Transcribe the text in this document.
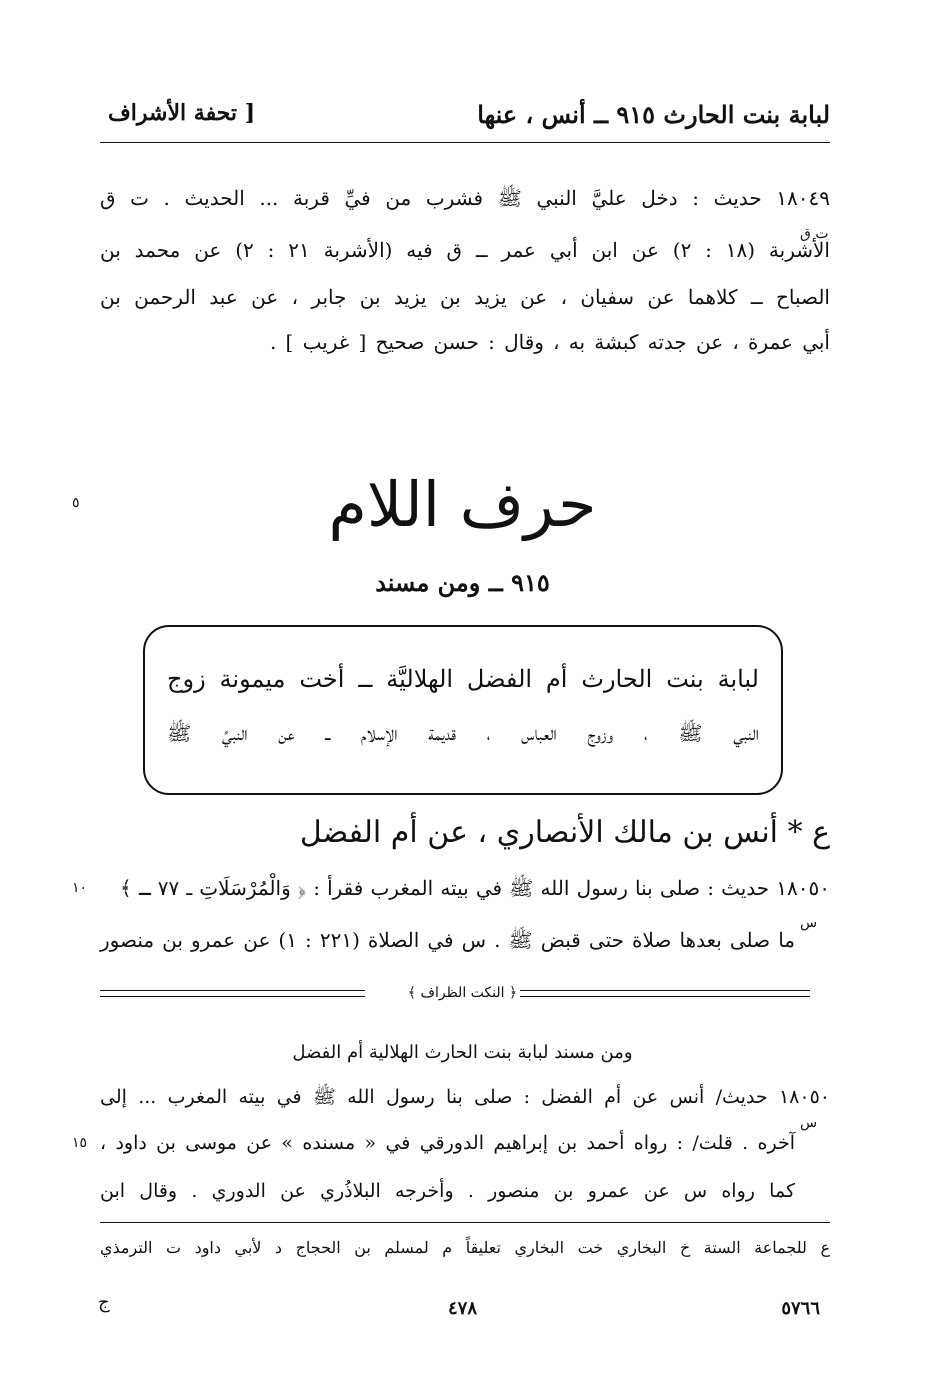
لبابة بنت الحارث ٩١٥ ــ أنس ، عنها
[ تحفة الأشراف
١٨٠٤٩ حديث : دخل عليَّ النبي ﷺ فشرب من فيِّ قربة ... الحديث . ت ق
ت ق
الأشربة (١٨ : ٢) عن ابن أبي عمر ــ ق فيه (الأشربة ٢١ : ٢) عن محمد بن
الصباح ــ كلاهما عن سفيان ، عن يزيد بن يزيد بن جابر ، عن عبد الرحمن بن
أبي عمرة ، عن جدته كبشة به ، وقال : حسن صحيح [ غريب ] .
حرف اللام
٥
٩١٥ ــ ومن مسند
لبابة بنت الحارث أم الفضل الهلاليَّة ــ أخت ميمونة زوج
النبي ﷺ ، وزوج العباس ، قديمة الإسلام ــ عن النبيِّ ﷺ
ع * أنس بن مالك الأنصاري ، عن أم الفضل
١٨٠٥٠ حديث : صلى بنا رسول الله ﷺ في بيته المغرب فقرأ : ﴿ وَالْمُرْسَلَاتِ ـ ٧٧ ـ ﴾
١٠
س
ما صلى بعدها صلاة حتى قبض ﷺ . س في الصلاة (٢٢١ : ١) عن عمرو بن منصور
﴿ النكت الظراف ﴾
ومن مسند لبابة بنت الحارث الهلالية أم الفضل
١٨٠٥٠ حديث/ أنس عن أم الفضل : صلى بنا رسول الله ﷺ في بيته المغرب ... إلى
س
١٥ آخره . قلت/ : رواه أحمد بن إبراهيم الدورقي في « مسنده » عن موسى بن داود ،
كما رواه س عن عمرو بن منصور . وأخرجه البلاذُري عن الدوري . وقال ابن
ع للجماعة الستة خ البخاري خت البخاري تعليقاً م لمسلم بن الحجاج د لأبي داود ت الترمذي
ج	٤٧٨	٥٧٦٦
